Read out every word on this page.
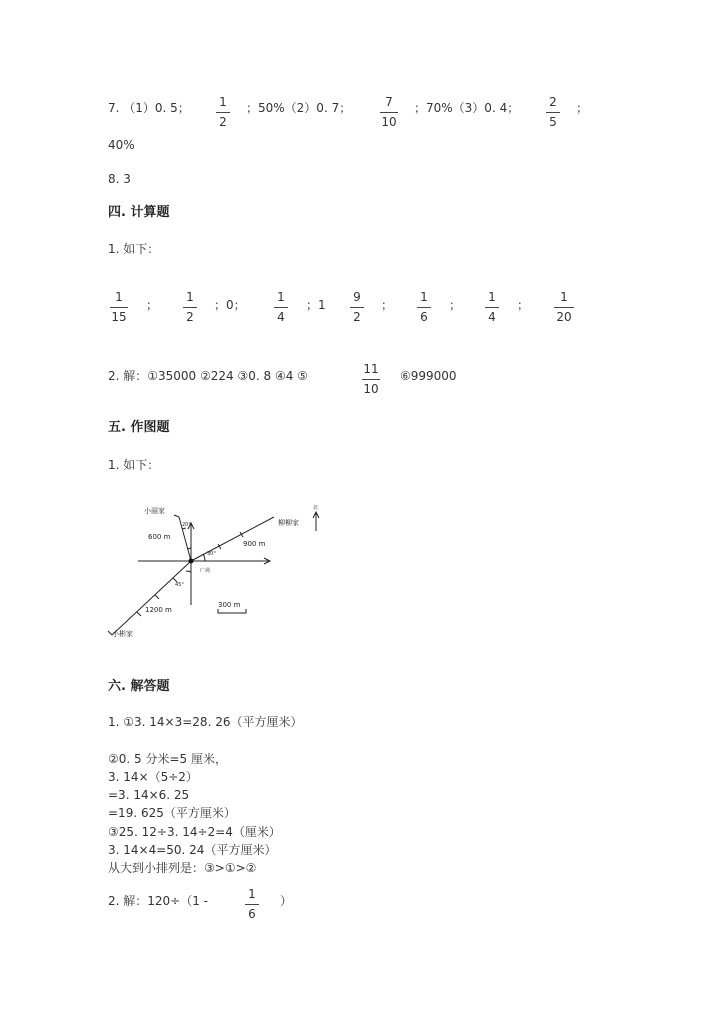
7. （1）0. 5； 1
2
；50%（2）0. 7；	7
10
；70%（3）0. 4； 2
5
；
40%
8. 3
四. 计算题
1. 如下：
1
15
；
1
2
；0；
1
4
；1
9
2
；
1
6
；
1
4
；
1
20
2. 解：①35000 ②224 ③0. 8 ④4 ⑤	11
10
⑥999000
五. 作图题
1. 如下：
小丽家
柳柳家
小彬家
广场
北
600 m
900 m
1200 m
300 m
20°
30°
45°
六. 解答题
1. ①3. 14×3=28. 26（平方厘米）
②0. 5 分米=5 厘米，
3. 14×（5÷2）
=3. 14×6. 25
=19. 625（平方厘米）
③25. 12÷3. 14÷2=4（厘米）
3. 14×4=50. 24（平方厘米）
从大到小排列是：③>①>②
2. 解：120÷（1 -	1
6
）
